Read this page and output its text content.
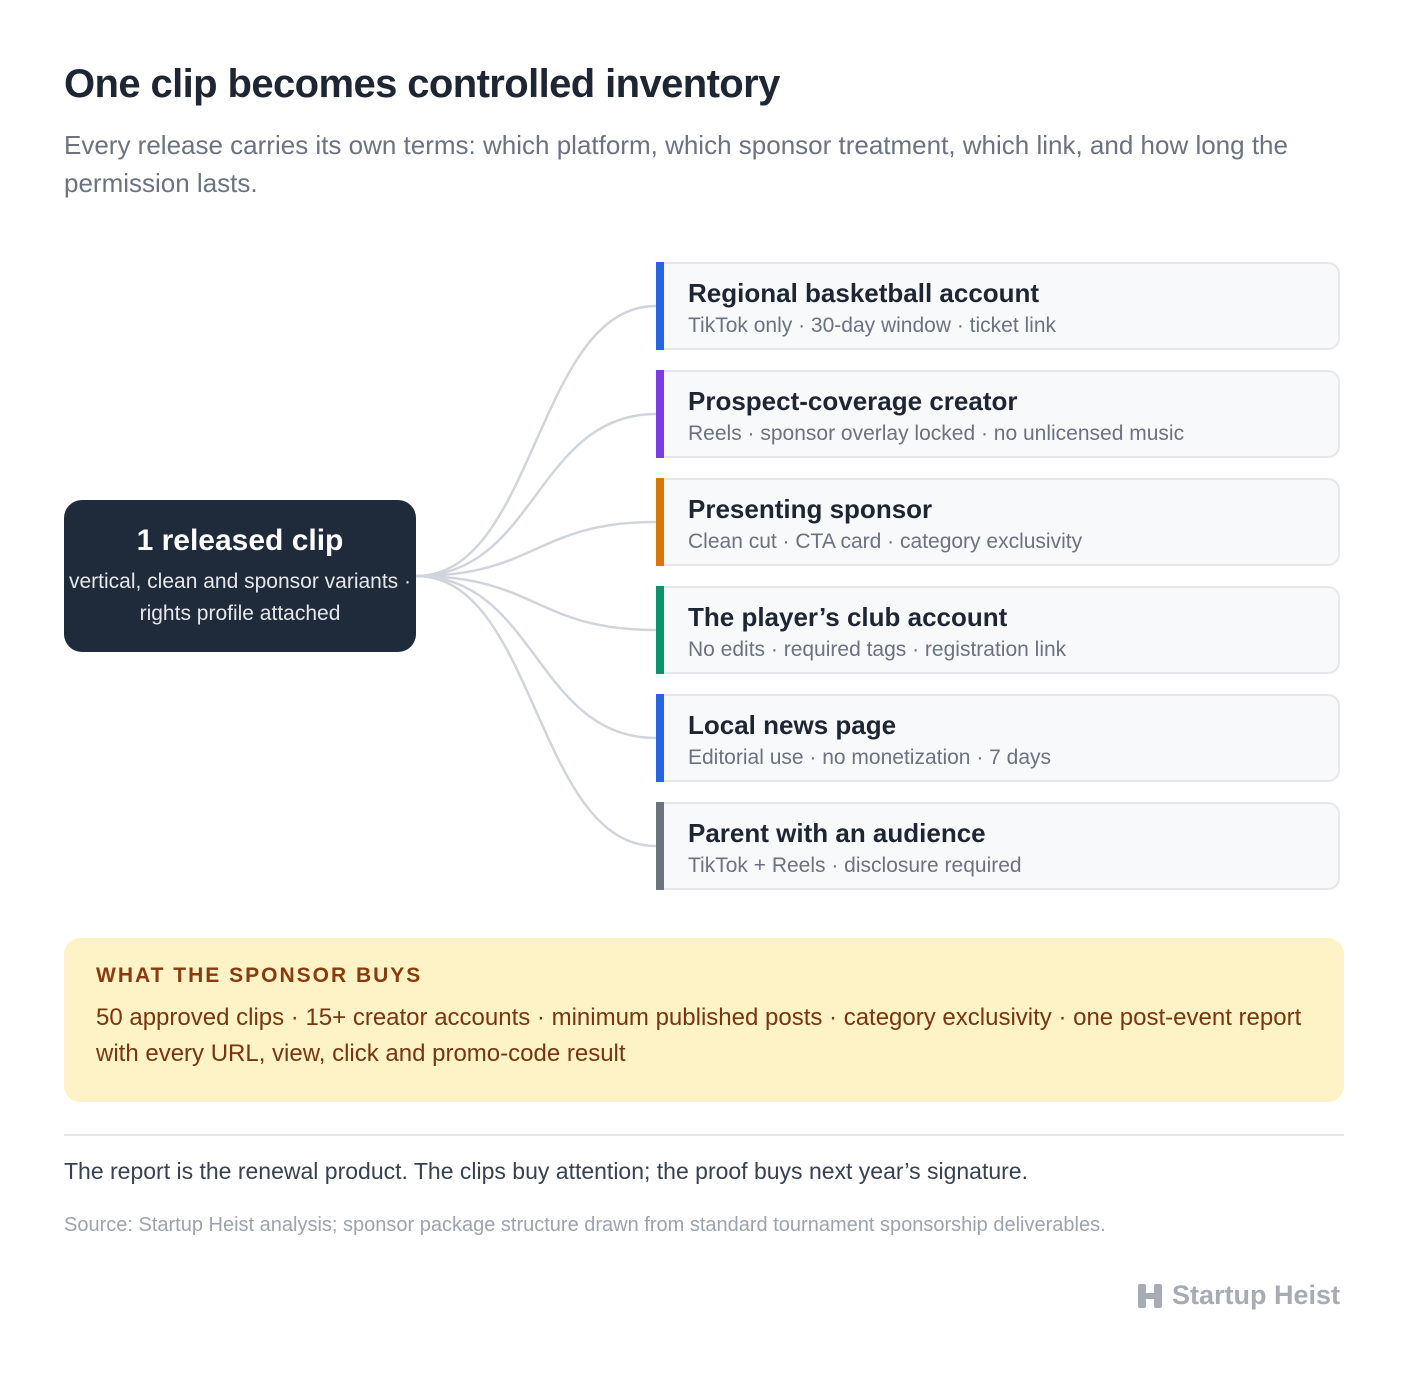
One clip becomes controlled inventory

Every release carries its own terms: which platform, which sponsor treatment, which link, and how long the permission lasts.

1 released clip
vertical, clean and sponsor variants · rights profile attached
Regional basketball account
TikTok only · 30-day window · ticket link
Prospect-coverage creator
Reels · sponsor overlay locked · no unlicensed music
Presenting sponsor
Clean cut · CTA card · category exclusivity
The player’s club account
No edits · required tags · registration link
Local news page
Editorial use · no monetization · 7 days
Parent with an audience
TikTok + Reels · disclosure required
WHAT THE SPONSOR BUYS
50 approved clips · 15+ creator accounts · minimum published posts · category exclusivity · one post-event report with every URL, view, click and promo-code result

The report is the renewal product. The clips buy attention; the proof buys next year’s signature.

Source: Startup Heist analysis; sponsor package structure drawn from standard tournament sponsorship deliverables.

Startup Heist
